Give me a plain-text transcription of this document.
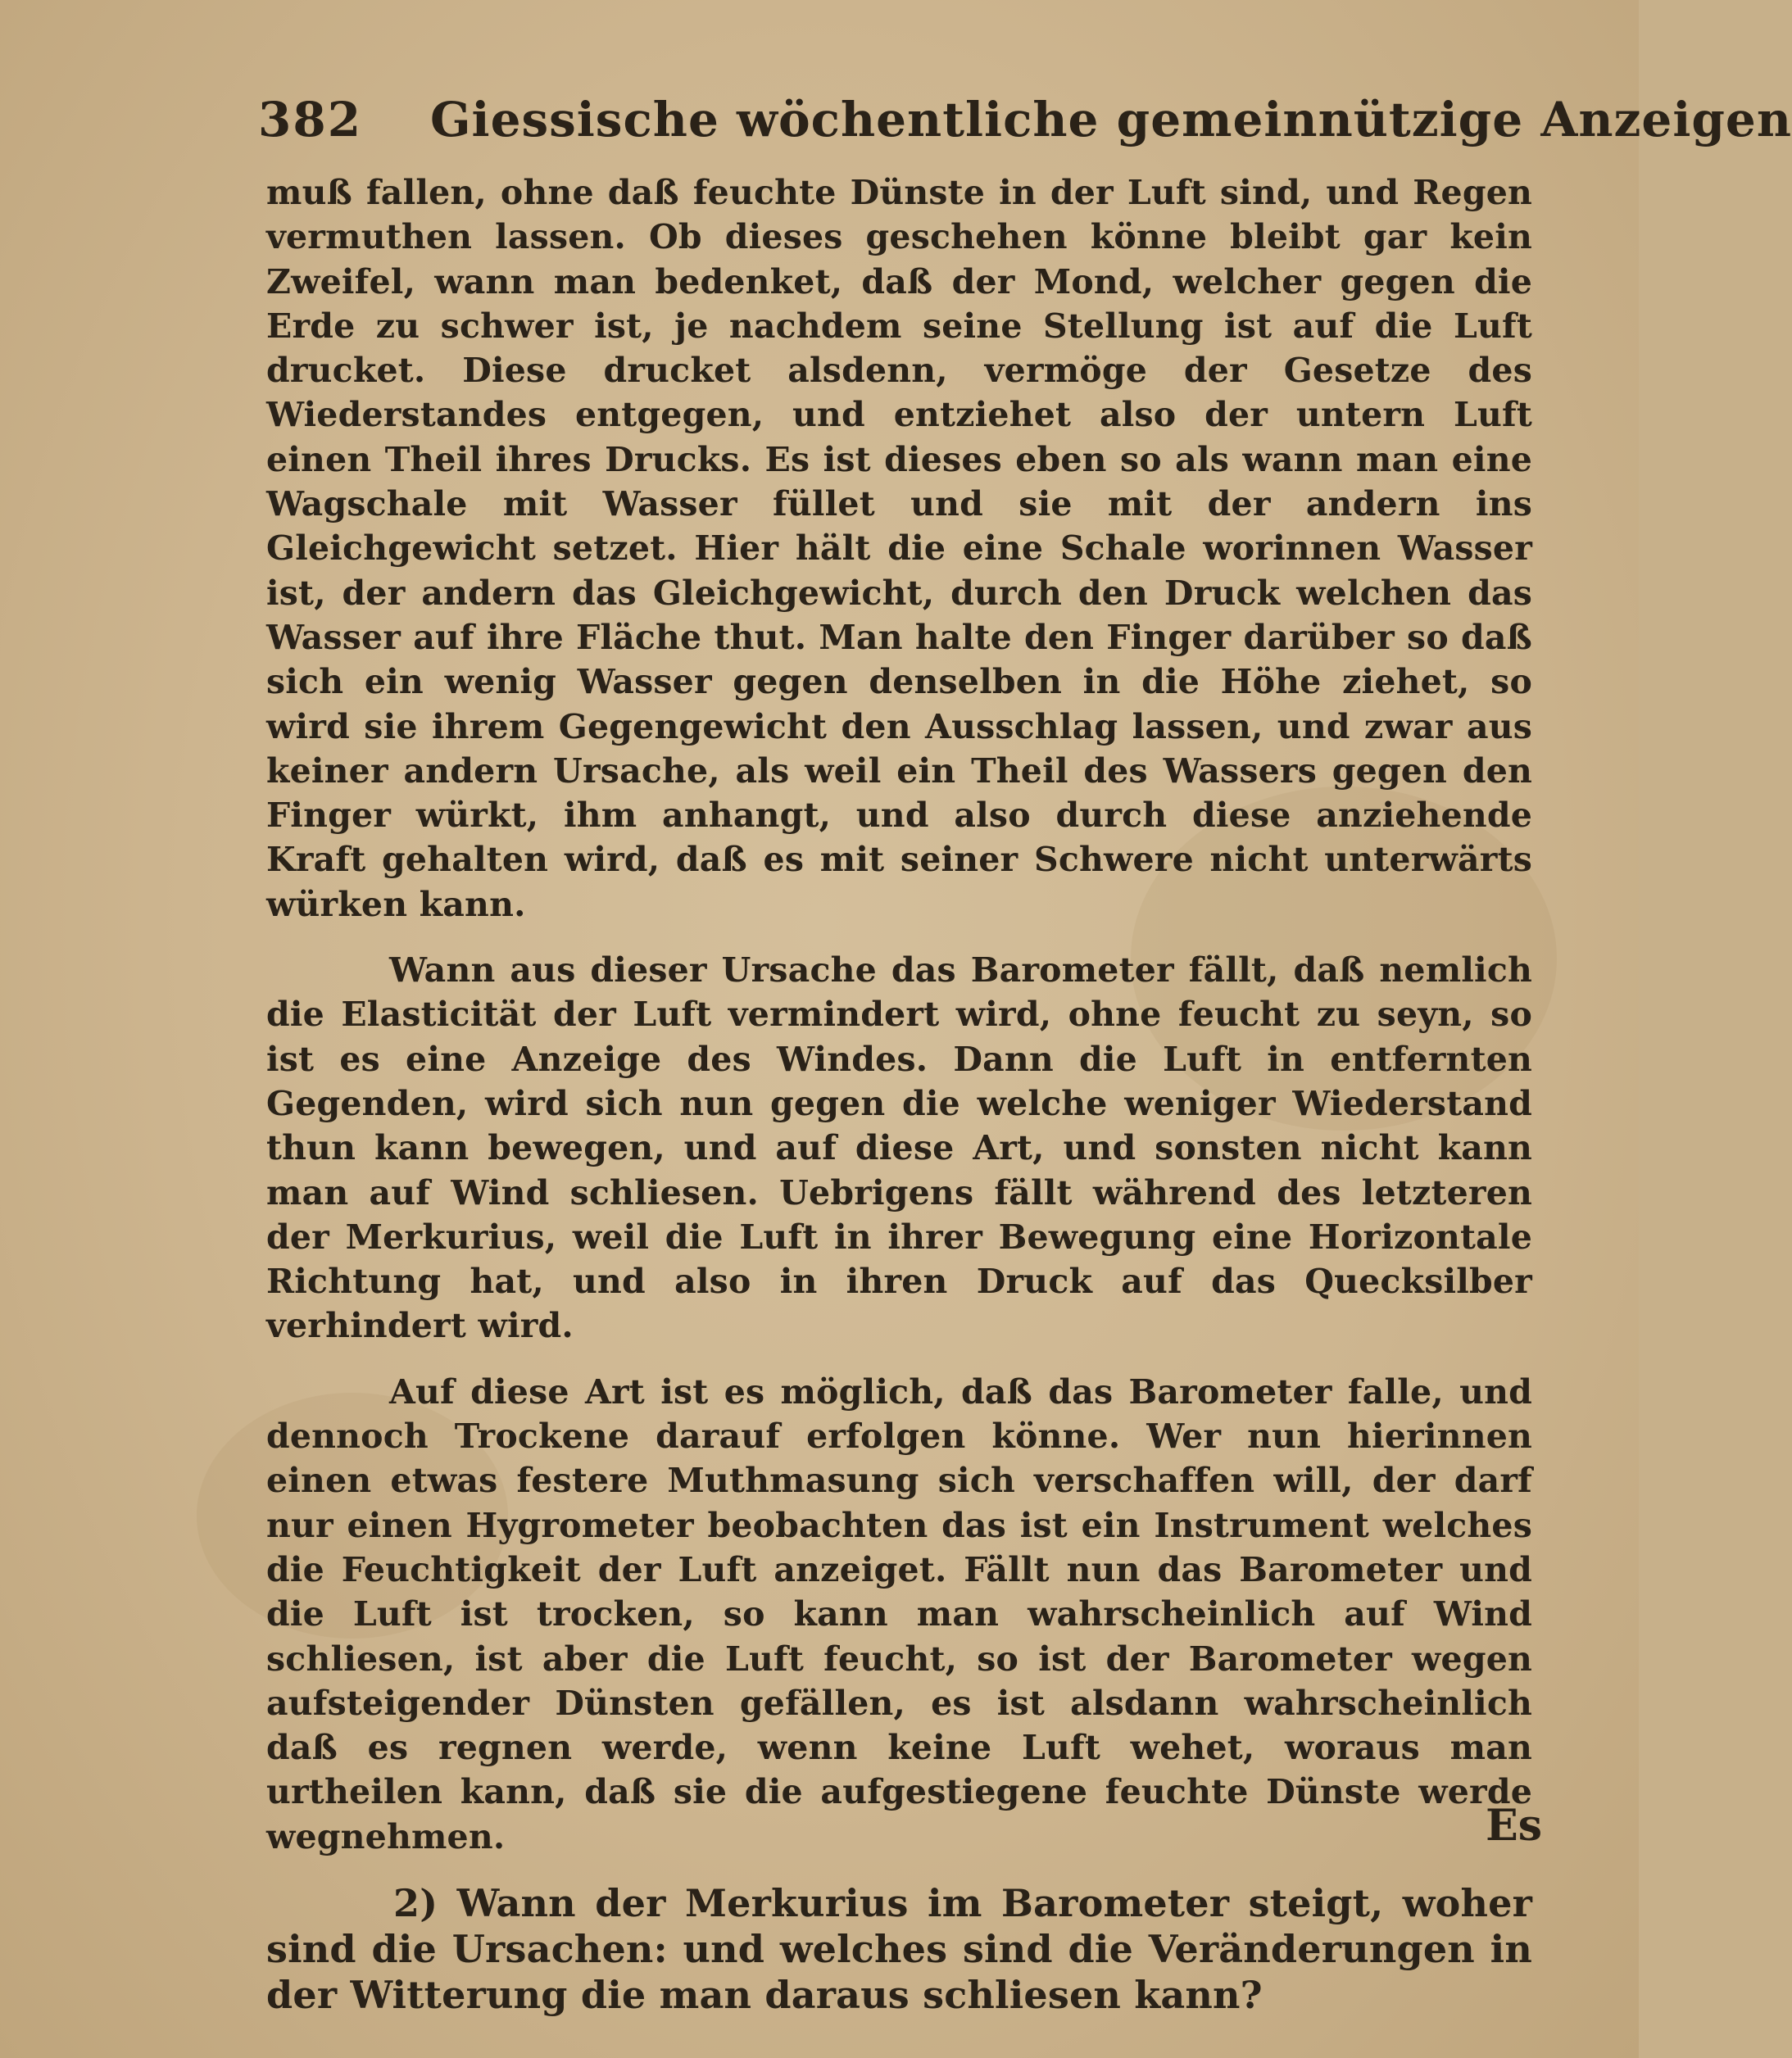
382 Giessische wöchentliche gemeinnützige Anzeigen

muß fallen, ohne daß feuchte Dünste in der Luft sind, und Regen vermuthen lassen. Ob dieses geschehen könne bleibt gar kein Zweifel, wann man bedenket, daß der Mond, welcher gegen die Erde zu schwer ist, je nachdem seine Stellung ist auf die Luft drucket. Diese drucket alsdenn, vermöge der Gesetze des Wiederstandes entgegen, und entziehet also der untern Luft einen Theil ihres Drucks. Es ist dieses eben so als wann man eine Wagschale mit Wasser füllet und sie mit der andern ins Gleichgewicht setzet. Hier hält die eine Schale worinnen Wasser ist, der andern das Gleichgewicht, durch den Druck welchen das Wasser auf ihre Fläche thut. Man halte den Finger darüber so daß sich ein wenig Wasser gegen denselben in die Höhe ziehet, so wird sie ihrem Gegengewicht den Ausschlag lassen, und zwar aus keiner andern Ursache, als weil ein Theil des Wassers gegen den Finger würkt, ihm anhangt, und also durch diese anziehende Kraft gehalten wird, daß es mit seiner Schwere nicht unterwärts würken kann.

Wann aus dieser Ursache das Barometer fällt, daß nemlich die Elasticität der Luft vermindert wird, ohne feucht zu seyn, so ist es eine Anzeige des Windes. Dann die Luft in entfernten Gegenden, wird sich nun gegen die welche weniger Wiederstand thun kann bewegen, und auf diese Art, und sonsten nicht kann man auf Wind schliesen. Uebrigens fällt während des letzteren der Merkurius, weil die Luft in ihrer Bewegung eine Horizontale Richtung hat, und also in ihren Druck auf das Quecksilber verhindert wird.

Auf diese Art ist es möglich, daß das Barometer falle, und dennoch Trockene darauf erfolgen könne. Wer nun hierinnen einen etwas festere Muthmasung sich verschaffen will, der darf nur einen Hygrometer beobachten das ist ein Instrument welches die Feuchtigkeit der Luft anzeiget. Fällt nun das Barometer und die Luft ist trocken, so kann man wahrscheinlich auf Wind schliesen, ist aber die Luft feucht, so ist der Barometer wegen aufsteigender Dünsten gefällen, es ist alsdann wahrscheinlich daß es regnen werde, wenn keine Luft wehet, woraus man urtheilen kann, daß sie die aufgestiegene feuchte Dünste werde wegnehmen.

2) Wann der Merkurius im Barometer steigt, woher sind die Ursachen: und welches sind die Veränderungen in der Witterung die man daraus schliesen kann?

Es
